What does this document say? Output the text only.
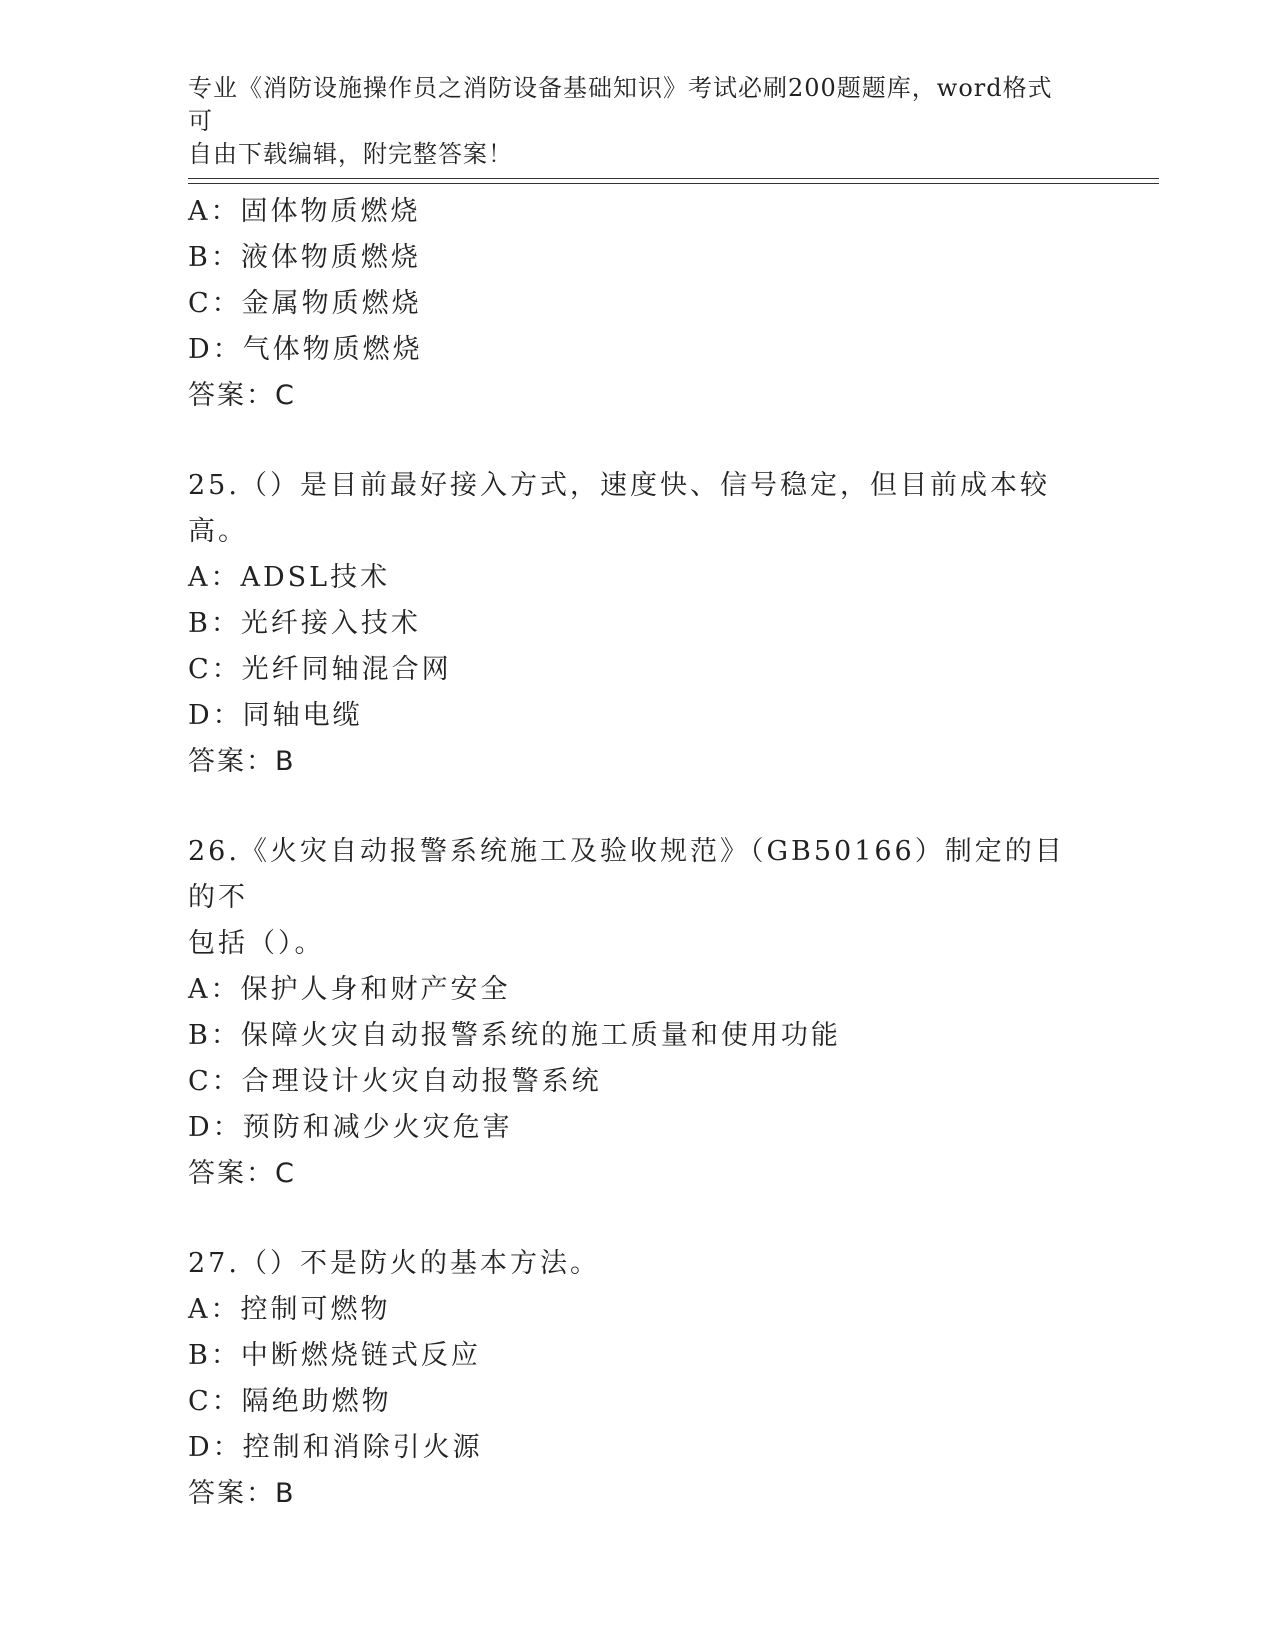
专业《消防设施操作员之消防设备基础知识》考试必刷200题题库，word格式可
自由下载编辑，附完整答案！
A：固体物质燃烧
B：液体物质燃烧
C：金属物质燃烧
D：气体物质燃烧
答案：C
25.（）是目前最好接入方式，速度快、信号稳定，但目前成本较高。
A：ADSL技术
B：光纤接入技术
C：光纤同轴混合网
D：同轴电缆
答案：B
26.《火灾自动报警系统施工及验收规范》（GB50166）制定的目的不
包括（）。
A：保护人身和财产安全
B：保障火灾自动报警系统的施工质量和使用功能
C：合理设计火灾自动报警系统
D：预防和减少火灾危害
答案：C
27.（）不是防火的基本方法。
A：控制可燃物
B：中断燃烧链式反应
C：隔绝助燃物
D：控制和消除引火源
答案：B
